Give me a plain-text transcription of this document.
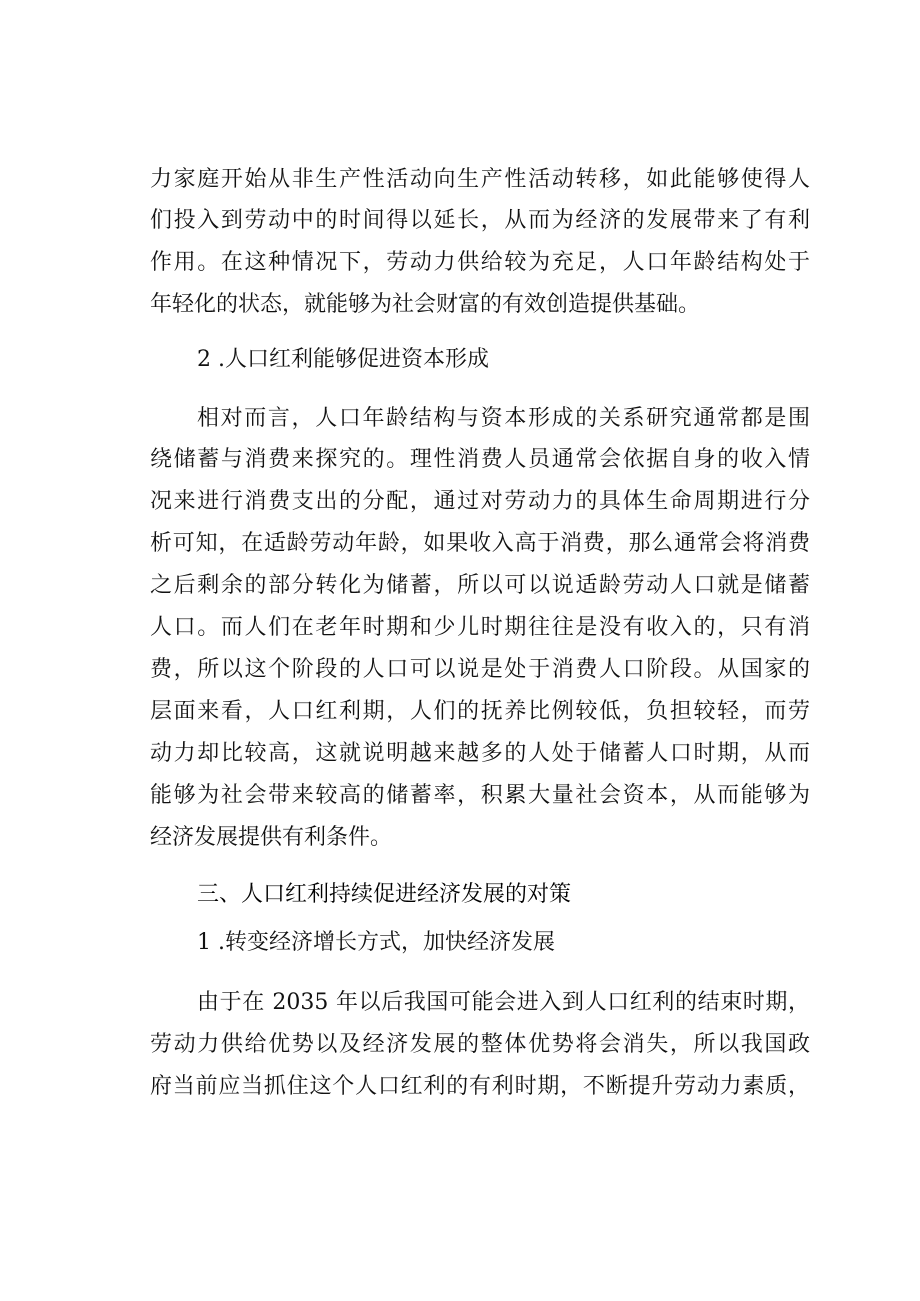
力家庭开始从非生产性活动向生产性活动转移，如此能够使得人
们投入到劳动中的时间得以延长，从而为经济的发展带来了有利
作用。在这种情况下，劳动力供给较为充足，人口年龄结构处于
年轻化的状态，就能够为社会财富的有效创造提供基础。
2 .人口红利能够促进资本形成
相对而言，人口年龄结构与资本形成的关系研究通常都是围
绕储蓄与消费来探究的。理性消费人员通常会依据自身的收入情
况来进行消费支出的分配，通过对劳动力的具体生命周期进行分
析可知，在适龄劳动年龄，如果收入高于消费，那么通常会将消费
之后剩余的部分转化为储蓄，所以可以说适龄劳动人口就是储蓄
人口。而人们在老年时期和少儿时期往往是没有收入的，只有消
费，所以这个阶段的人口可以说是处于消费人口阶段。从国家的
层面来看，人口红利期，人们的抚养比例较低，负担较轻，而劳
动力却比较高，这就说明越来越多的人处于储蓄人口时期，从而
能够为社会带来较高的储蓄率，积累大量社会资本，从而能够为
经济发展提供有利条件。
三、人口红利持续促进经济发展的对策
1 .转变经济增长方式，加快经济发展
由于在 2035 年以后我国可能会进入到人口红利的结束时期，
劳动力供给优势以及经济发展的整体优势将会消失，所以我国政
府当前应当抓住这个人口红利的有利时期，不断提升劳动力素质，
